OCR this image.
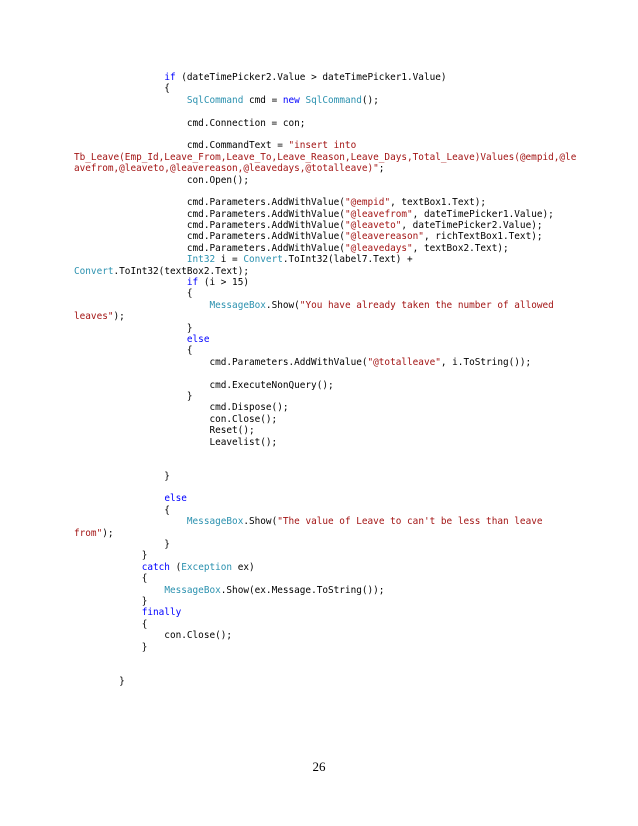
if (dateTimePicker2.Value > dateTimePicker1.Value)
{
SqlCommand cmd = new SqlCommand();
cmd.Connection = con;
cmd.CommandText = "insert into
Tb_Leave(Emp_Id,Leave_From,Leave_To,Leave_Reason,Leave_Days,Total_Leave)Values(@empid,@le
avefrom,@leaveto,@leavereason,@leavedays,@totalleave)";
con.Open();
cmd.Parameters.AddWithValue("@empid", textBox1.Text);
cmd.Parameters.AddWithValue("@leavefrom", dateTimePicker1.Value);
cmd.Parameters.AddWithValue("@leaveto", dateTimePicker2.Value);
cmd.Parameters.AddWithValue("@leavereason", richTextBox1.Text);
cmd.Parameters.AddWithValue("@leavedays", textBox2.Text);
Int32 i = Convert.ToInt32(label7.Text) +
Convert.ToInt32(textBox2.Text);
if (i > 15)
{
MessageBox.Show("You have already taken the number of allowed
leaves");
}
else
{
cmd.Parameters.AddWithValue("@totalleave", i.ToString());
cmd.ExecuteNonQuery();
}
cmd.Dispose();
con.Close();
Reset();
Leavelist();
}
else
{
MessageBox.Show("The value of Leave to can't be less than leave
from");
}
}
catch (Exception ex)
{
MessageBox.Show(ex.Message.ToString());
}
finally
{
con.Close();
}
}
26
